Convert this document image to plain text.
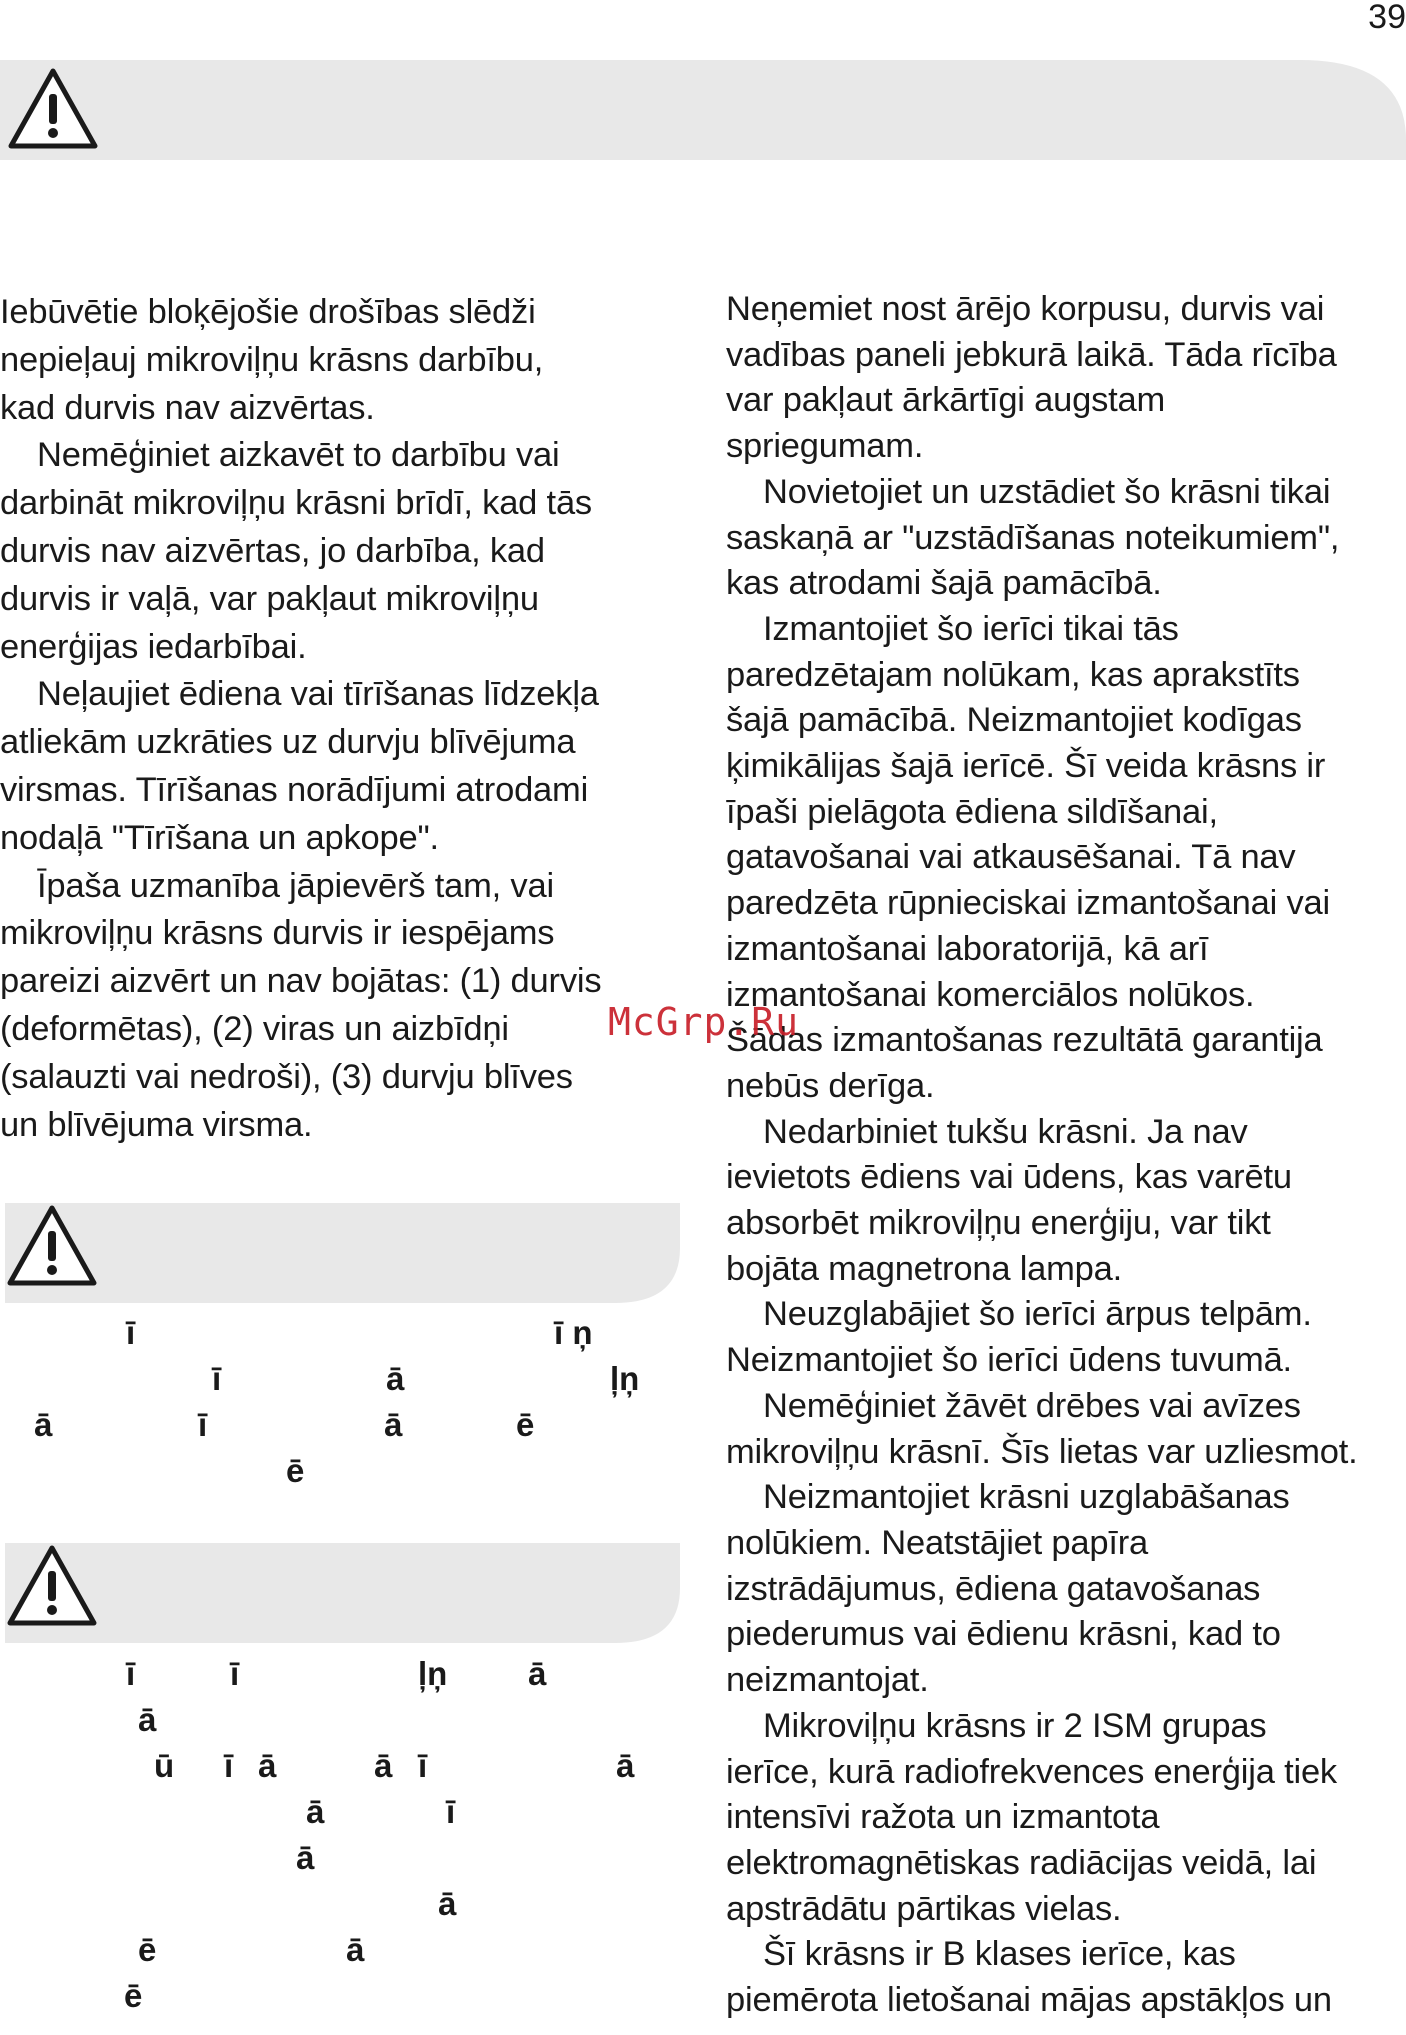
39

Iebūvētie bloķējošie drošības slēdži

nepieļauj mikroviļņu krāsns darbību,

kad durvis nav aizvērtas.

Nemēģiniet aizkavēt to darbību vai

darbināt mikroviļņu krāsni brīdī, kad tās

durvis nav aizvērtas, jo darbība, kad

durvis ir vaļā, var pakļaut mikroviļņu

enerģijas iedarbībai.

Neļaujiet ēdiena vai tīrīšanas līdzekļa

atliekām uzkrāties uz durvju blīvējuma

virsmas. Tīrīšanas norādījumi atrodami

nodaļā "Tīrīšana un apkope".

Īpaša uzmanība jāpievērš tam, vai

mikroviļņu krāsns durvis ir iespējams

pareizi aizvērt un nav bojātas: (1) durvis

(deformētas), (2) viras un aizbīdņi

(salauzti vai nedroši), (3) durvju blīves

un blīvējuma virsma.

Neņemiet nost ārējo korpusu, durvis vai

vadības paneli jebkurā laikā. Tāda rīcība

var pakļaut ārkārtīgi augstam

spriegumam.

Novietojiet un uzstādiet šo krāsni tikai

saskaņā ar "uzstādīšanas noteikumiem",

kas atrodami šajā pamācībā.

Izmantojiet šo ierīci tikai tās

paredzētajam nolūkam, kas aprakstīts

šajā pamācībā. Neizmantojiet kodīgas

ķimikālijas šajā ierīcē. Šī veida krāsns ir

īpaši pielāgota ēdiena sildīšanai,

gatavošanai vai atkausēšanai. Tā nav

paredzēta rūpnieciskai izmantošanai vai

izmantošanai laboratorijā, kā arī

izmantošanai komerciālos nolūkos.

Šādas izmantošanas rezultātā garantija

nebūs derīga.

Nedarbiniet tukšu krāsni. Ja nav

ievietots ēdiens vai ūdens, kas varētu

absorbēt mikroviļņu enerģiju, var tikt

bojāta magnetrona lampa.

Neuzglabājiet šo ierīci ārpus telpām.

Neizmantojiet šo ierīci ūdens tuvumā.

Nemēģiniet žāvēt drēbes vai avīzes

mikroviļņu krāsnī. Šīs lietas var uzliesmot.

Neizmantojiet krāsni uzglabāšanas

nolūkiem. Neatstājiet papīra

izstrādājumus, ēdiena gatavošanas

piederumus vai ēdienu krāsni, kad to

neizmantojat.

Mikroviļņu krāsns ir 2 ISM grupas

ierīce, kurā radiofrekvences enerģija tiek

intensīvi ražota un izmantota

elektromagnētiskas radiācijas veidā, lai

apstrādātu pārtikas vielas.

Šī krāsns ir B klases ierīce, kas

piemērota lietošanai mājas apstākļos un

ī	ī ņ
ī	ā	ļņ
ā	ī	ā	ē
ē
ī	ī	ļņ ā
ā
ū ī ā	ā ī	ā
ā	ī
ā
ā
ē	ā
ē
McGrp.Ru
